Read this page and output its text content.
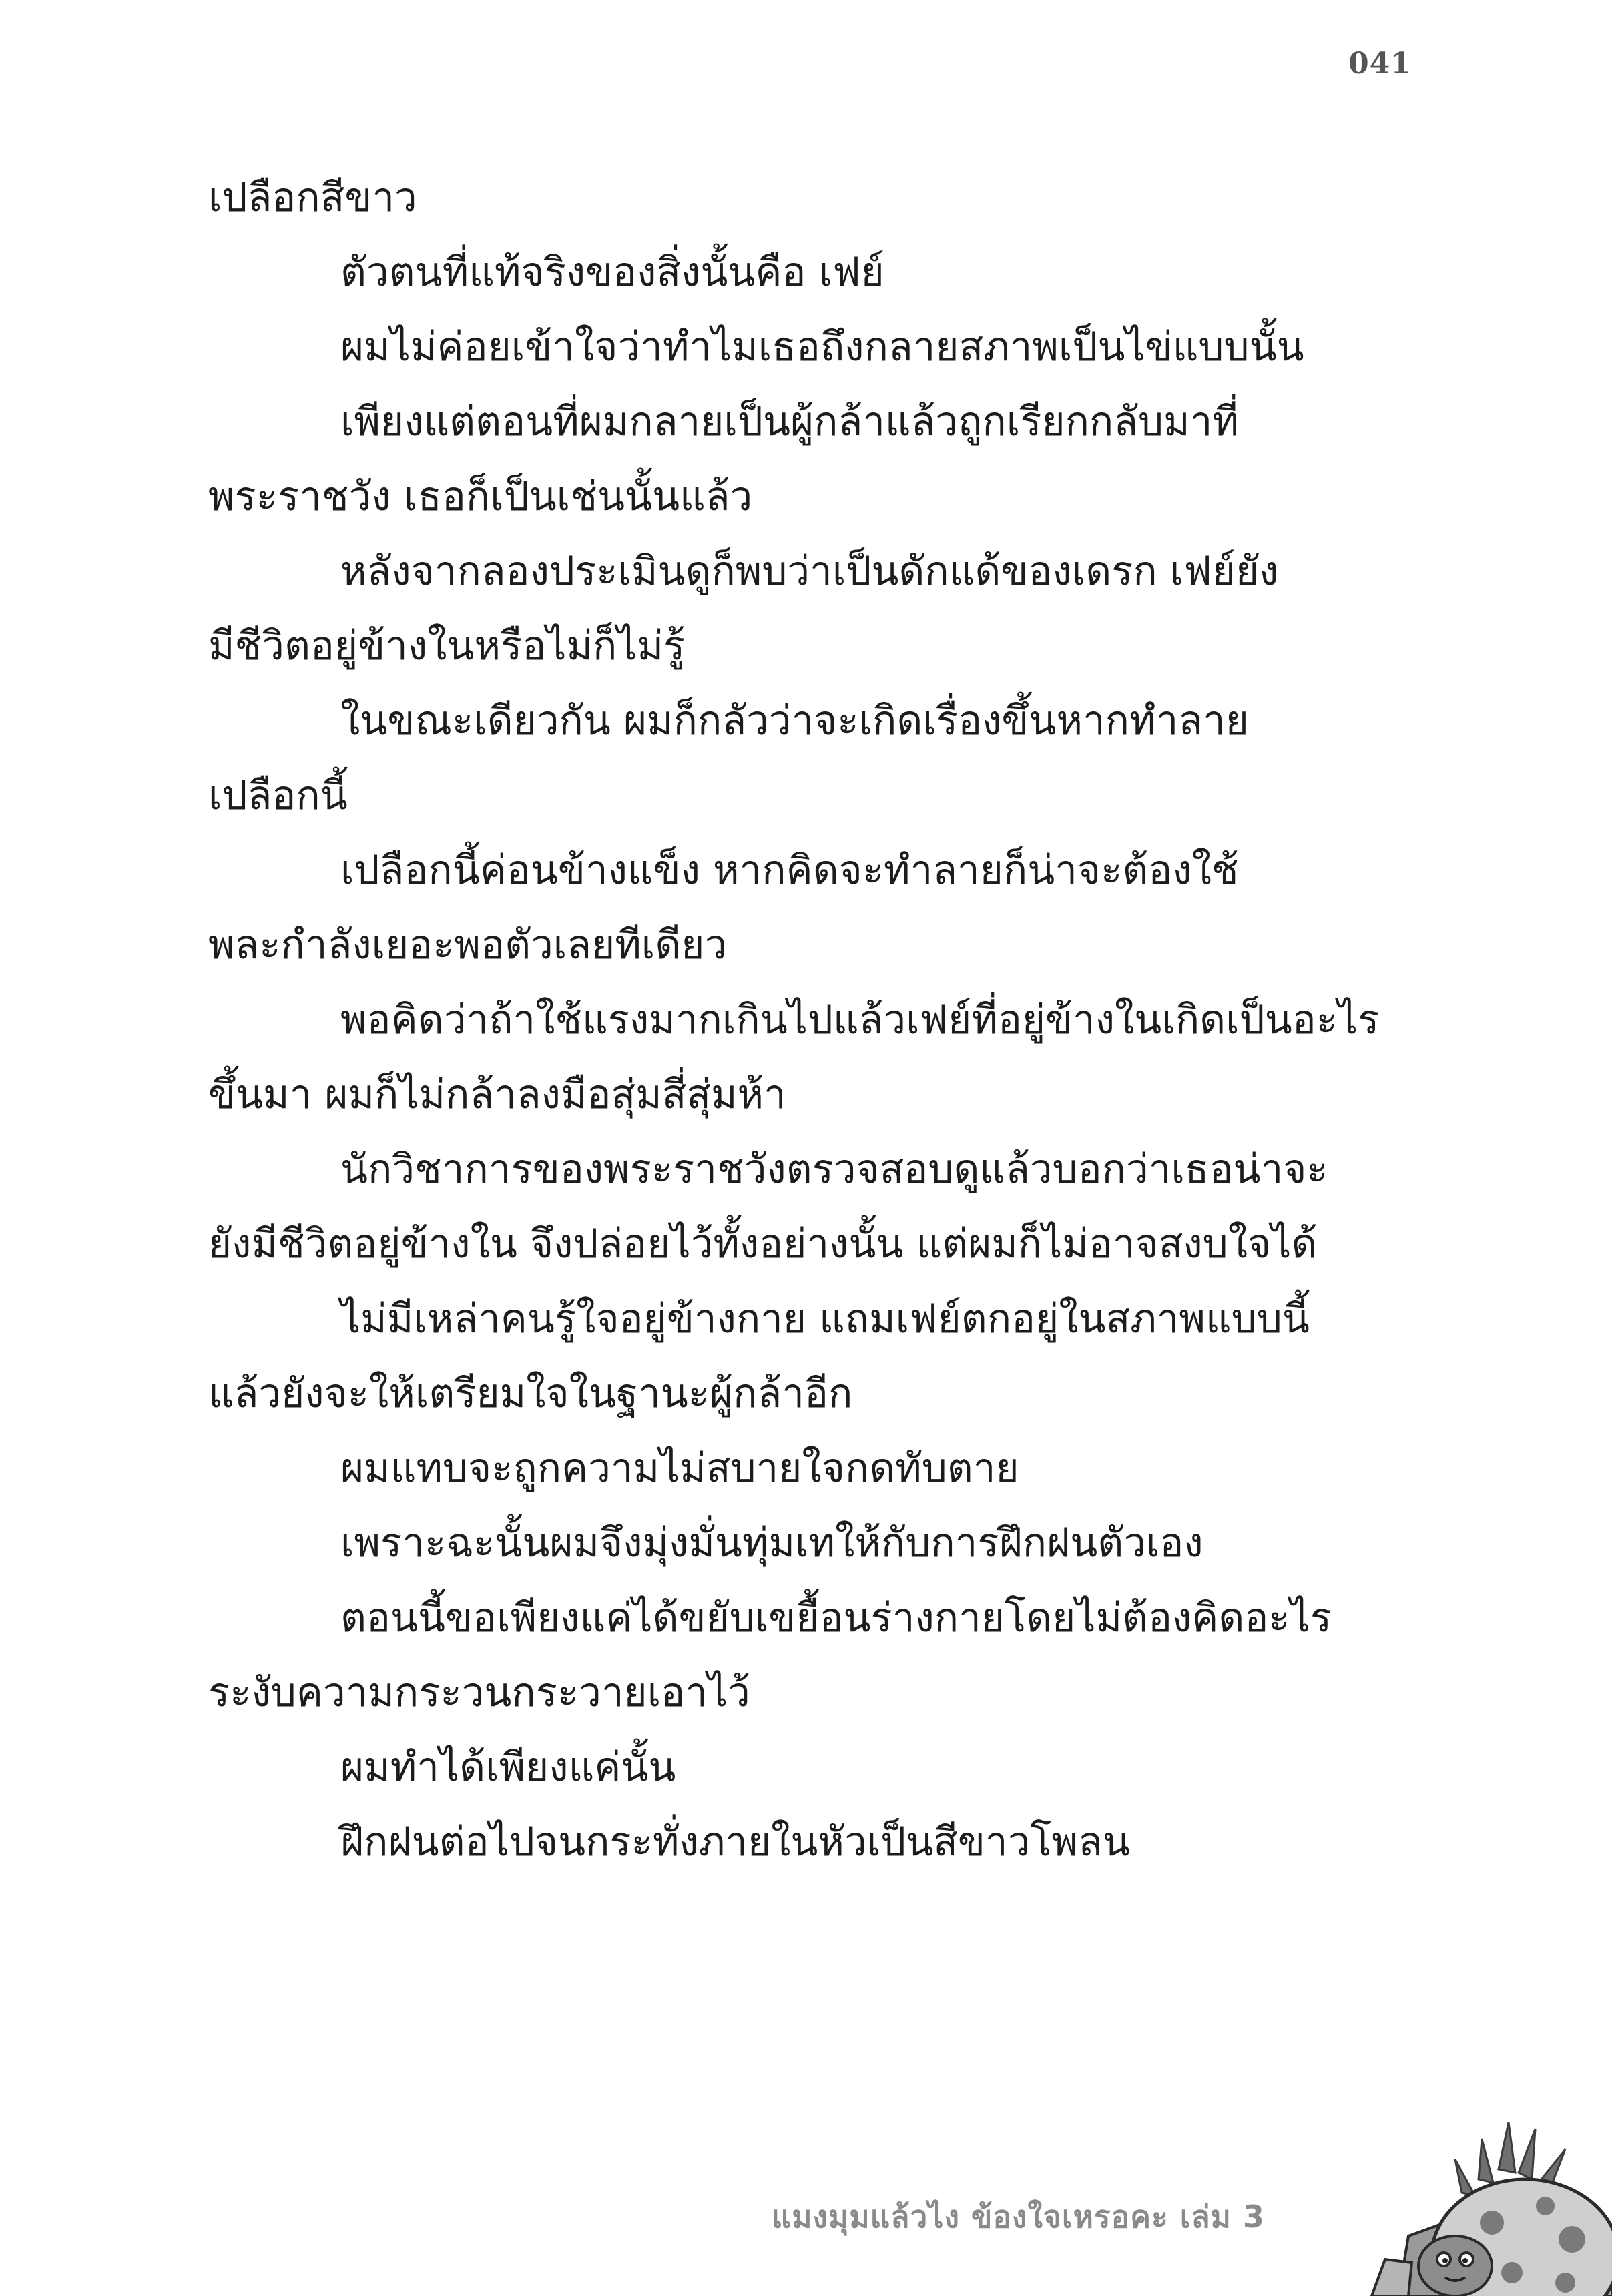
041
เปลือกสีขาว
ตัวตนที่แท้จริงของสิ่งนั้นคือ เฟย์
ผมไม่ค่อยเข้าใจว่าทำไมเธอถึงกลายสภาพเป็นไข่แบบนั้น
เพียงแต่ตอนที่ผมกลายเป็นผู้กล้าแล้วถูกเรียกกลับมาที่
พระราชวัง เธอก็เป็นเช่นนั้นแล้ว
หลังจากลองประเมินดูก็พบว่าเป็นดักแด้ของเดรก เฟย์ยัง
มีชีวิตอยู่ข้างในหรือไม่ก็ไม่รู้
ในขณะเดียวกัน ผมก็กลัวว่าจะเกิดเรื่องขึ้นหากทำลาย
เปลือกนี้
เปลือกนี้ค่อนข้างแข็ง หากคิดจะทำลายก็น่าจะต้องใช้
พละกำลังเยอะพอตัวเลยทีเดียว
พอคิดว่าถ้าใช้แรงมากเกินไปแล้วเฟย์ที่อยู่ข้างในเกิดเป็นอะไร
ขึ้นมา ผมก็ไม่กล้าลงมือสุ่มสี่สุ่มห้า
นักวิชาการของพระราชวังตรวจสอบดูแล้วบอกว่าเธอน่าจะ
ยังมีชีวิตอยู่ข้างใน จึงปล่อยไว้ทั้งอย่างนั้น แต่ผมก็ไม่อาจสงบใจได้
ไม่มีเหล่าคนรู้ใจอยู่ข้างกาย แถมเฟย์ตกอยู่ในสภาพแบบนี้
แล้วยังจะให้เตรียมใจในฐานะผู้กล้าอีก
ผมแทบจะถูกความไม่สบายใจกดทับตาย
เพราะฉะนั้นผมจึงมุ่งมั่นทุ่มเทให้กับการฝึกฝนตัวเอง
ตอนนี้ขอเพียงแค่ได้ขยับเขยื้อนร่างกายโดยไม่ต้องคิดอะไร
ระงับความกระวนกระวายเอาไว้
ผมทำได้เพียงแค่นั้น
ฝึกฝนต่อไปจนกระทั่งภายในหัวเป็นสีขาวโพลน
แมงมุมแล้วไง ข้องใจเหรอคะ เล่ม 3
